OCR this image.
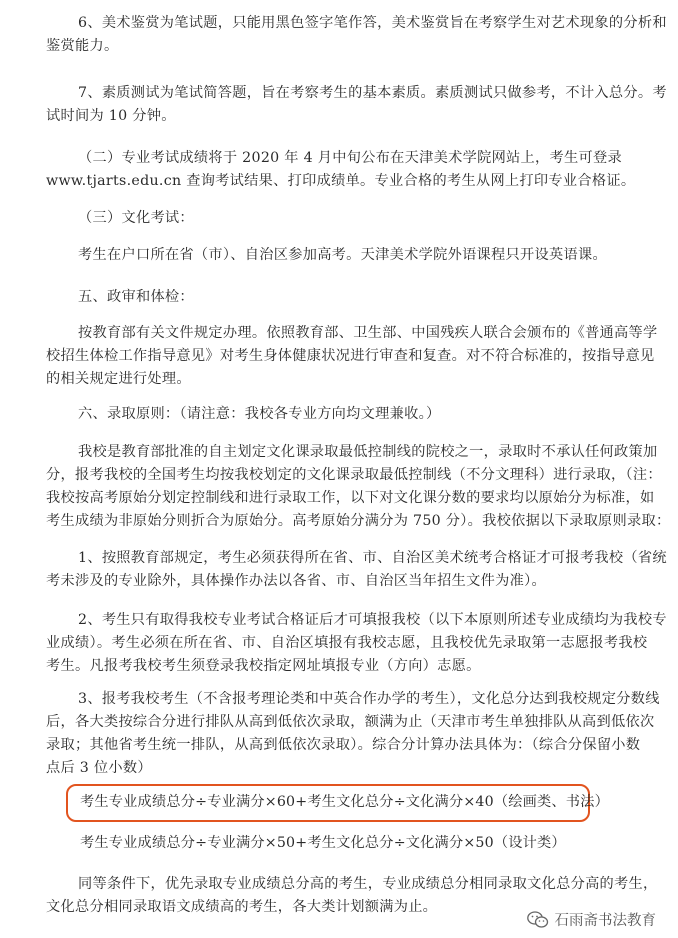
6、美术鉴赏为笔试题，只能用黑色签字笔作答，美术鉴赏旨在考察学生对艺术现象的分析和
鉴赏能力。

7、素质测试为笔试简答题，旨在考察考生的基本素质。素质测试只做参考，不计入总分。考
试时间为 10 分钟。

（二）专业考试成绩将于 2020 年 4 月中旬公布在天津美术学院网站上，考生可登录
www.tjarts.edu.cn 查询考试结果、打印成绩单。专业合格的考生从网上打印专业合格证。

（三）文化考试：

考生在户口所在省（市）、自治区参加高考。天津美术学院外语课程只开设英语课。

五、政审和体检：

按教育部有关文件规定办理。依照教育部、卫生部、中国残疾人联合会颁布的《普通高等学
校招生体检工作指导意见》对考生身体健康状况进行审查和复查。对不符合标准的，按指导意见
的相关规定进行处理。

六、录取原则：（请注意：我校各专业方向均文理兼收。）

我校是教育部批准的自主划定文化课录取最低控制线的院校之一，录取时不承认任何政策加
分，报考我校的全国考生均按我校划定的文化课录取最低控制线（不分文理科）进行录取，（注：
我校按高考原始分划定控制线和进行录取工作，以下对文化课分数的要求均以原始分为标准，如
考生成绩为非原始分则折合为原始分。高考原始分满分为 750 分）。我校依据以下录取原则录取：

1、按照教育部规定，考生必须获得所在省、市、自治区美术统考合格证才可报考我校（省统
考未涉及的专业除外，具体操作办法以各省、市、自治区当年招生文件为准）。

2、考生只有取得我校专业考试合格证后才可填报我校（以下本原则所述专业成绩均为我校专
业成绩）。考生必须在所在省、市、自治区填报有我校志愿，且我校优先录取第一志愿报考我校
考生。凡报考我校考生须登录我校指定网址填报专业（方向）志愿。

3、报考我校考生（不含报考理论类和中英合作办学的考生），文化总分达到我校规定分数线
后，各大类按综合分进行排队从高到低依次录取，额满为止（天津市考生单独排队从高到低依次
录取；其他省考生统一排队，从高到低依次录取）。综合分计算办法具体为：（综合分保留小数
点后 3 位小数）

考生专业成绩总分÷专业满分×60+考生文化总分÷文化满分×40（绘画类、书法）
考生专业成绩总分÷专业满分×50+考生文化总分÷文化满分×50（设计类）

同等条件下，优先录取专业成绩总分高的考生，专业成绩总分相同录取文化总分高的考生，
文化总分相同录取语文成绩高的考生，各大类计划额满为止。

石雨斋书法教育
